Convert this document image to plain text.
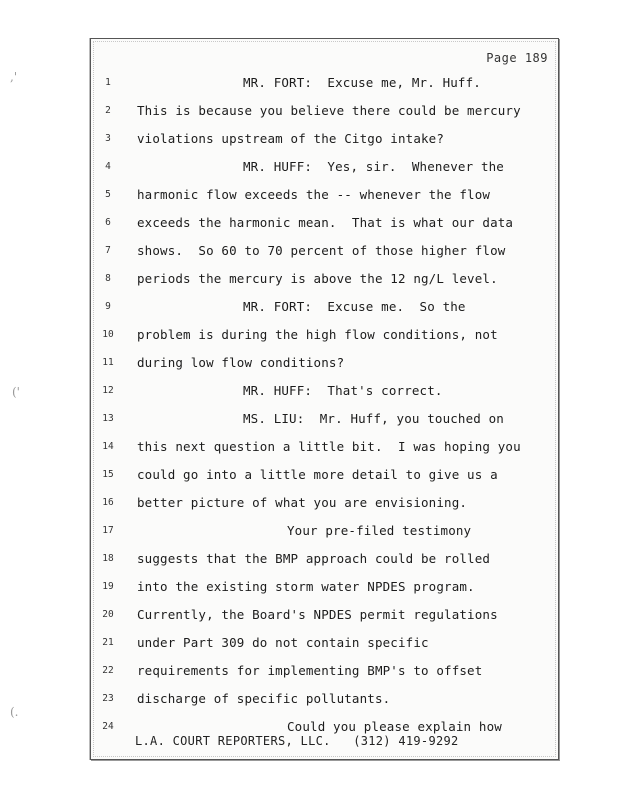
,'
('
(.
Page 189
1	MR. FORT:  Excuse me, Mr. Huff.
2	This is because you believe there could be mercury
3	violations upstream of the Citgo intake?
4	MR. HUFF:  Yes, sir.  Whenever the
5	harmonic flow exceeds the -- whenever the flow
6	exceeds the harmonic mean.  That is what our data
7	shows.  So 60 to 70 percent of those higher flow
8	periods the mercury is above the 12 ng/L level.
9	MR. FORT:  Excuse me.  So the
10 problem is during the high flow conditions, not
11 during low flow conditions?
12	MR. HUFF:  That's correct.
13	MS. LIU:  Mr. Huff, you touched on
14 this next question a little bit.  I was hoping you
15 could go into a little more detail to give us a
16 better picture of what you are envisioning.
17	Your pre-filed testimony
18 suggests that the BMP approach could be rolled
19 into the existing storm water NPDES program.
20 Currently, the Board's NPDES permit regulations
21 under Part 309 do not contain specific
22 requirements for implementing BMP's to offset
23 discharge of specific pollutants.
24	Could you please explain how
L.A. COURT REPORTERS, LLC.   (312) 419-9292
